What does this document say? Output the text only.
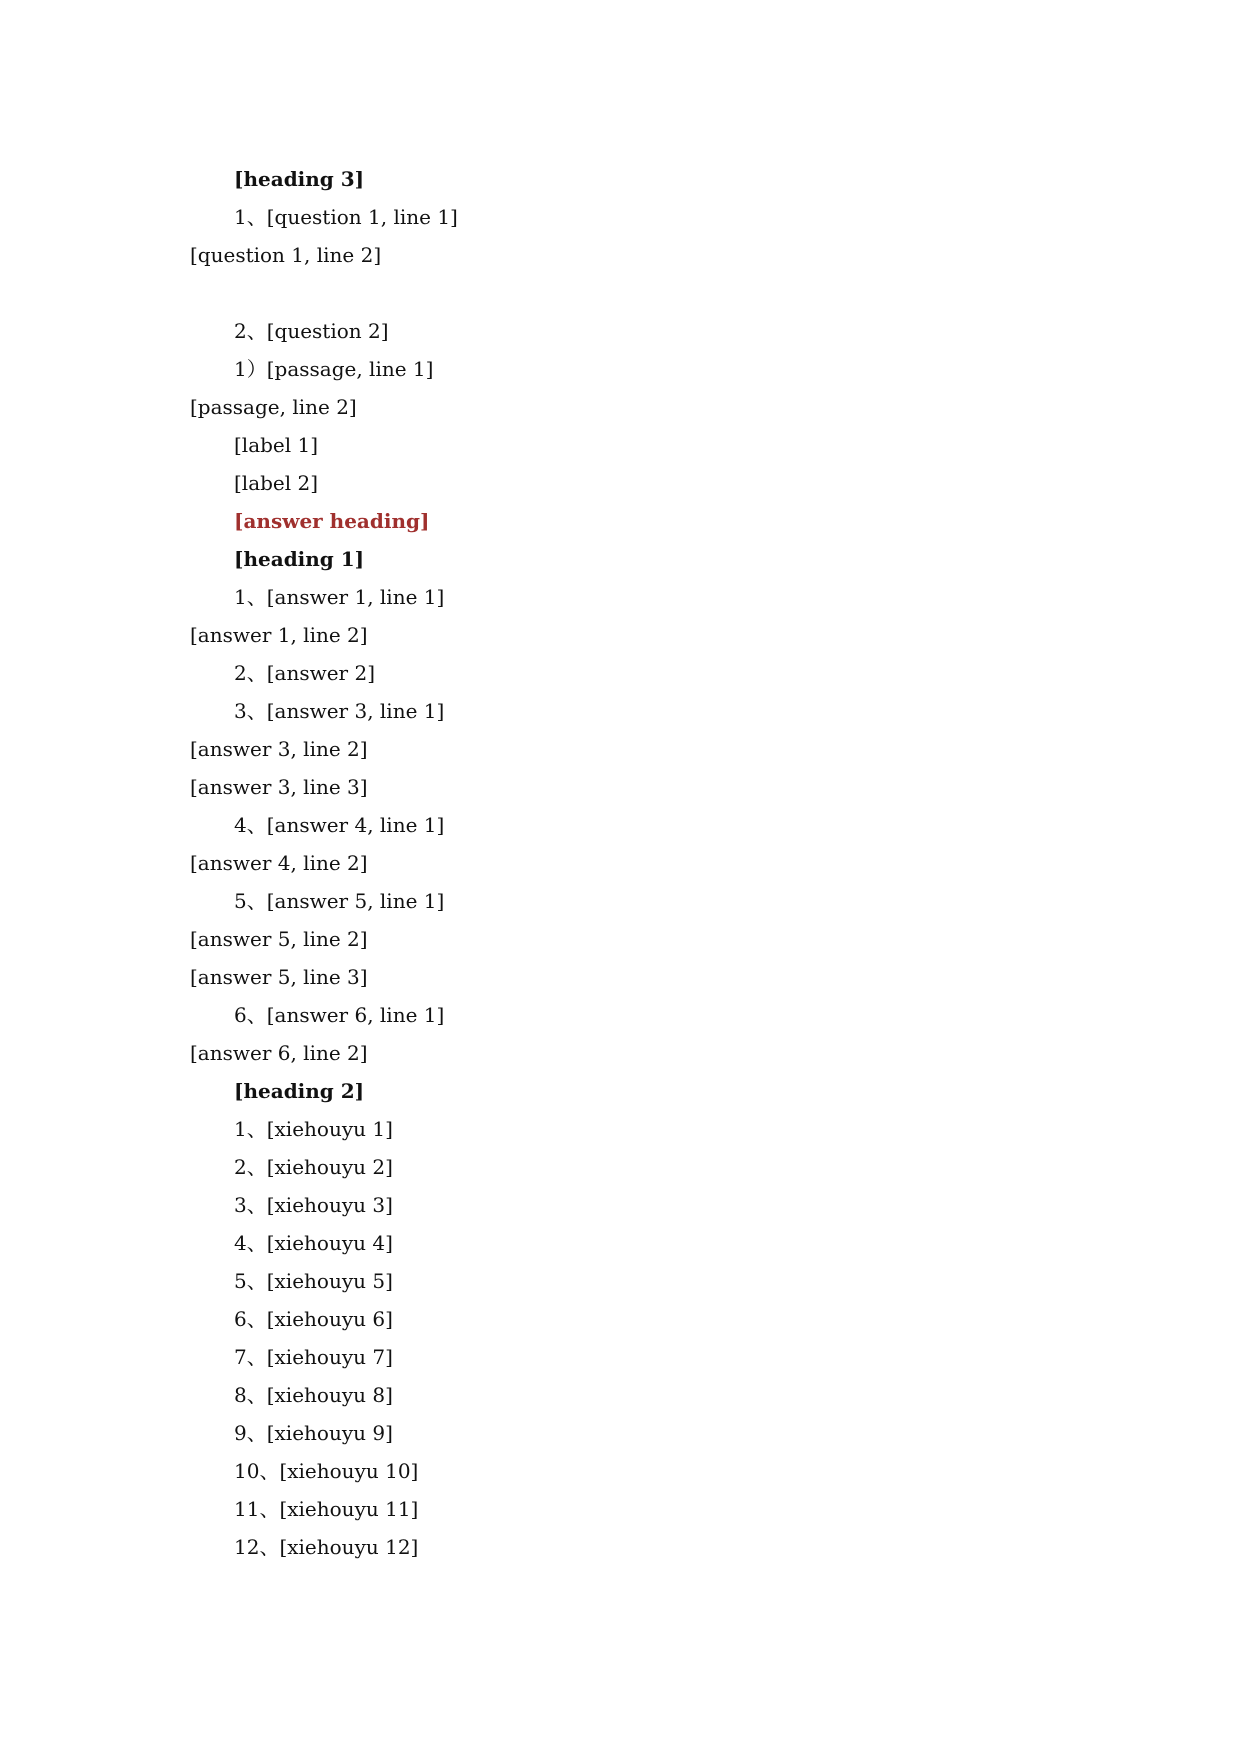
[heading 3]
1、[question 1, line 1]
[question 1, line 2]
2、[question 2]
1）[passage, line 1]
[passage, line 2]
[label 1]
[label 2]
[answer heading]
[heading 1]
1、[answer 1, line 1]
[answer 1, line 2]
2、[answer 2]
3、[answer 3, line 1]
[answer 3, line 2]
[answer 3, line 3]
4、[answer 4, line 1]
[answer 4, line 2]
5、[answer 5, line 1]
[answer 5, line 2]
[answer 5, line 3]
6、[answer 6, line 1]
[answer 6, line 2]
[heading 2]
1、[xiehouyu 1]
2、[xiehouyu 2]
3、[xiehouyu 3]
4、[xiehouyu 4]
5、[xiehouyu 5]
6、[xiehouyu 6]
7、[xiehouyu 7]
8、[xiehouyu 8]
9、[xiehouyu 9]
10、[xiehouyu 10]
11、[xiehouyu 11]
12、[xiehouyu 12]
